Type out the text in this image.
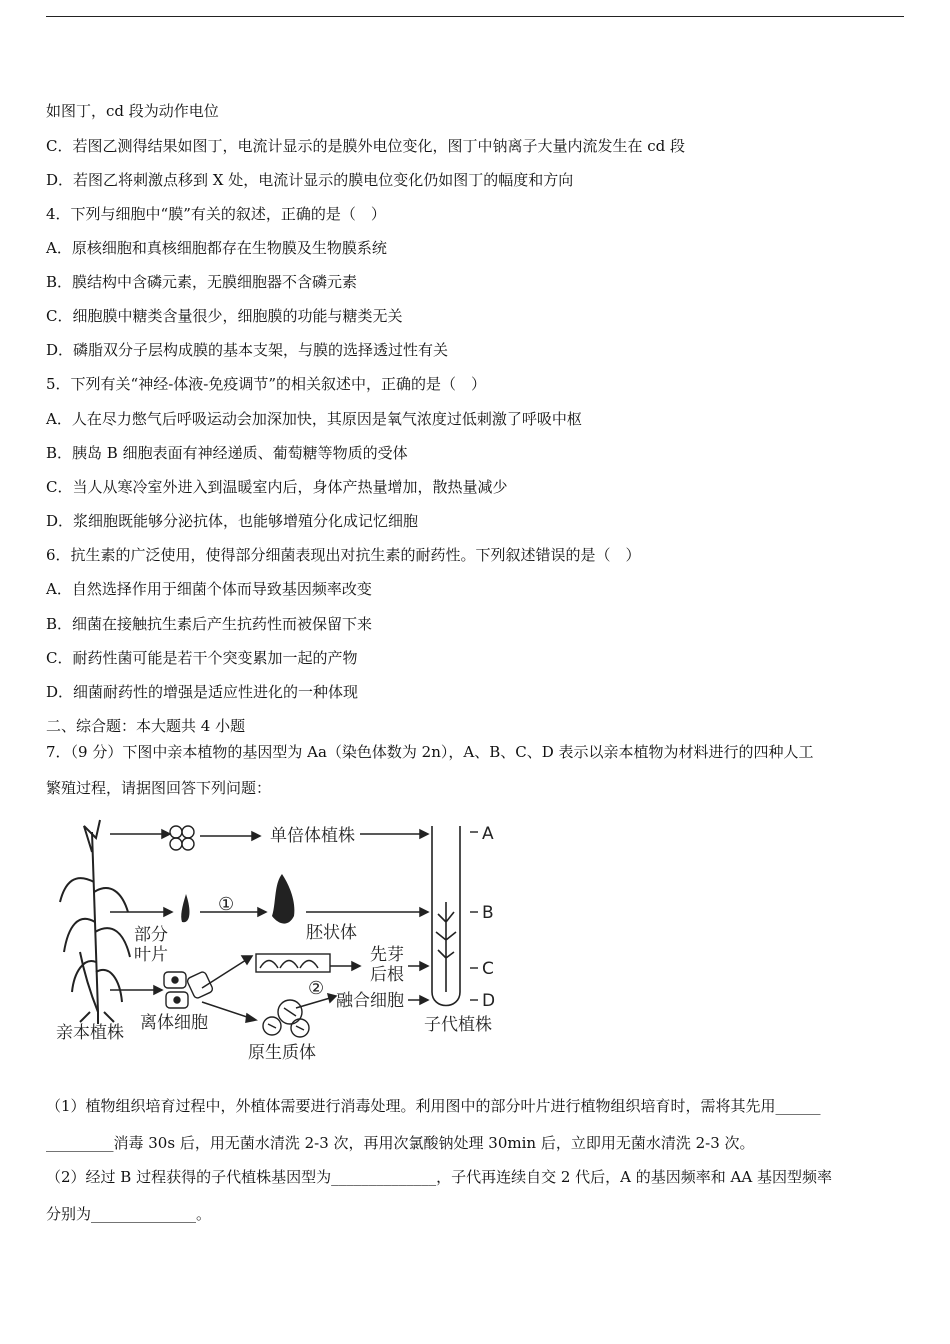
如图丁，cd 段为动作电位
C．若图乙测得结果如图丁，电流计显示的是膜外电位变化，图丁中钠离子大量内流发生在 cd 段
D．若图乙将刺激点移到 X 处，电流计显示的膜电位变化仍如图丁的幅度和方向
4．下列与细胞中“膜”有关的叙述，正确的是（　）
A．原核细胞和真核细胞都存在生物膜及生物膜系统
B．膜结构中含磷元素，无膜细胞器不含磷元素
C．细胞膜中糖类含量很少，细胞膜的功能与糖类无关
D．磷脂双分子层构成膜的基本支架，与膜的选择透过性有关
5．下列有关“神经-体液-免疫调节”的相关叙述中，正确的是（　）
A．人在尽力憋气后呼吸运动会加深加快，其原因是氧气浓度过低刺激了呼吸中枢
B．胰岛 B 细胞表面有神经递质、葡萄糖等物质的受体
C．当人从寒冷室外进入到温暖室内后，身体产热量增加，散热量减少
D．浆细胞既能够分泌抗体，也能够增殖分化成记忆细胞
6．抗生素的广泛使用，使得部分细菌表现出对抗生素的耐药性。下列叙述错误的是（　）
A．自然选择作用于细菌个体而导致基因频率改变
B．细菌在接触抗生素后产生抗药性而被保留下来
C．耐药性菌可能是若干个突变累加一起的产物
D．细菌耐药性的增强是适应性进化的一种体现
二、综合题：本大题共 4 小题
7．（9 分）下图中亲本植物的基因型为 Aa（染色体数为 2n），A、B、C、D 表示以亲本植物为材料进行的四种人工
繁殖过程，请据图回答下列问题：
单倍体植株
①
胚状体
部分 叶片	先芽 后根
②
融合细胞
离体细胞
亲本植株
原生质体
子代植株
A
B
C
D
（1）植物组织培育过程中，外植体需要进行消毒处理。利用图中的部分叶片进行植物组织培育时，需将其先用______
_________消毒 30s 后，用无菌水清洗 2-3 次，再用次氯酸钠处理 30min 后，立即用无菌水清洗 2-3 次。
（2）经过 B 过程获得的子代植株基因型为______________，子代再连续自交 2 代后，A 的基因频率和 AA 基因型频率
分别为______________。
